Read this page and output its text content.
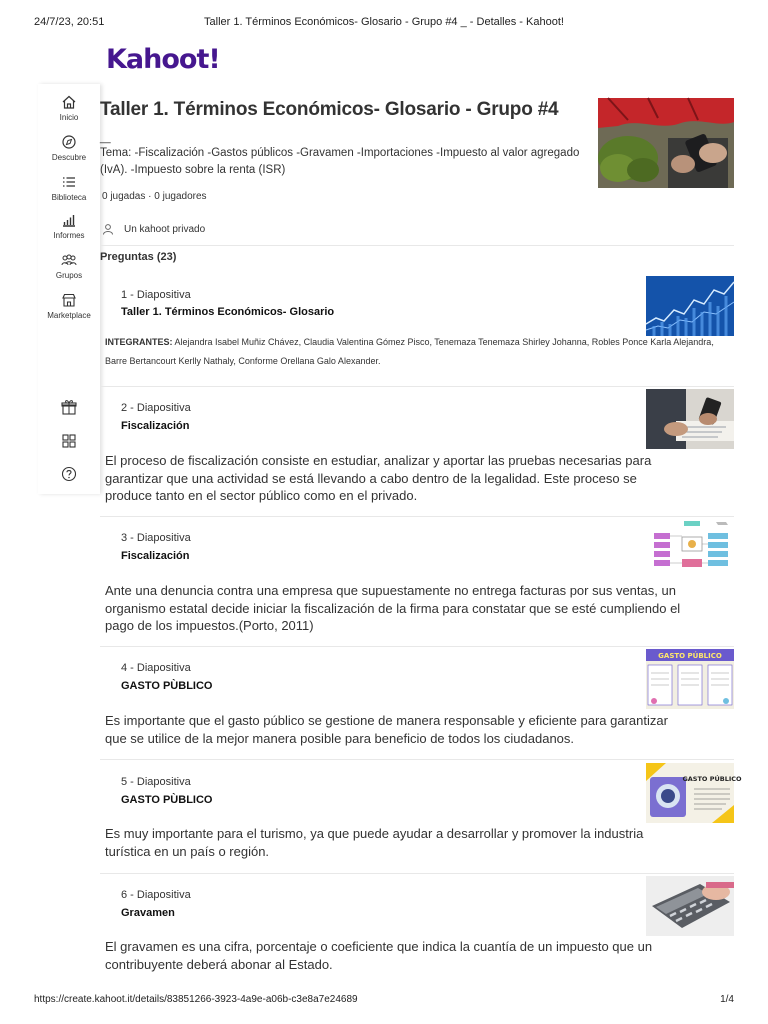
24/7/23, 20:51	Taller 1. Términos Económicos- Glosario - Grupo #4 _ - Detalles - Kahoot!
Kahoot!
Inicio
Descubre
Biblioteca
Informes
Grupos
Marketplace
Taller 1. Términos Económicos- Glosario - Grupo #4
_

Tema: -Fiscalización -Gastos públicos -Gravamen -Importaciones -Impuesto al valor agregado (IvA). -Impuesto sobre la renta (ISR)

0 jugadas · 0 jugadores
Un kahoot privado
Preguntas (23)
1 - Diapositiva
Taller 1. Términos Económicos- Glosario

INTEGRANTES: Alejandra Isabel Muñiz Chávez, Claudia Valentina Gómez Pisco, Tenemaza Tenemaza Shirley Johanna, Robles Ponce Karla Alejandra, Barre Bertancourt Kerlly Nathaly, Conforme Orellana Galo Alexander.

2 - Diapositiva
Fiscalización
El proceso de fiscalización consiste en estudiar, analizar y aportar las pruebas necesarias para
garantizar que una actividad se está llevando a cabo dentro de la legalidad. Este proceso se
produce tanto en el sector público como en el privado.
3 - Diapositiva
Fiscalización
Ante una denuncia contra una empresa que supuestamente no entrega facturas por sus ventas, un
organismo estatal decide iniciar la fiscalización de la firma para constatar que se esté cumpliendo el
pago de los impuestos.(Porto, 2011)
4 - Diapositiva
GASTO PÙBLICO
GASTO PÚBLICO
Es importante que el gasto público se gestione de manera responsable y eficiente para garantizar
que se utilice de la mejor manera posible para beneficio de todos los ciudadanos.
5 - Diapositiva
GASTO PÙBLICO
GASTO PÚBLICO
Es muy importante para el turismo, ya que puede ayudar a desarrollar y promover la industria
turística en un país o región.
6 - Diapositiva
Gravamen
El gravamen es una cifra, porcentaje o coeficiente que indica la cuantía de un impuesto que un
contribuyente deberá abonar al Estado.
https://create.kahoot.it/details/83851266-3923-4a9e-a06b-c3e8a7e24689	1/4
